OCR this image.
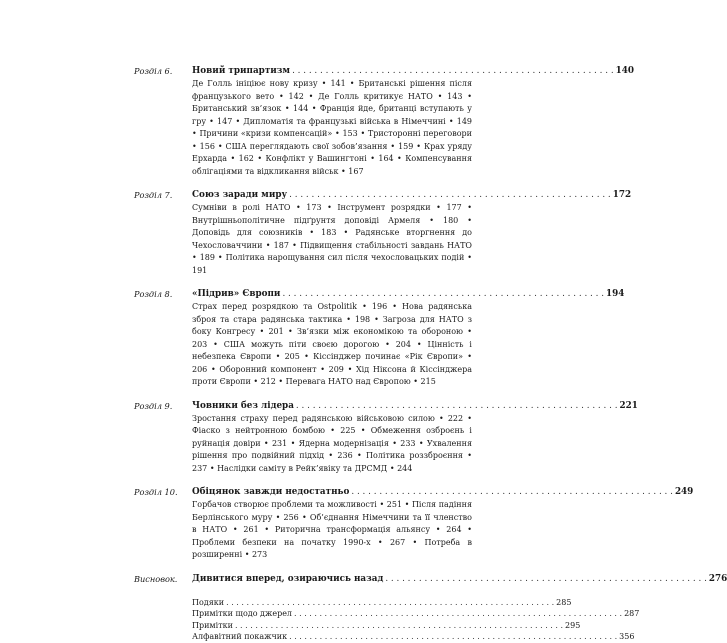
Розділ 6. Новий трипартизм . . . . . . . . . . . . . . . . . . . . . . . . . . . . . . . . . . . . . . . . . . . . . . . . . . . . . . . . . . 140
Де Голль ініціює нову кризу • 141 • Британські рішення після французького вето • 142 • Де Голль критикує НАТО • 143 • Британський зв’язок • 144 • Франція йде, британці вступають у гру • 147 • Дипломатія та французькі війська в Німеччині • 149 • Причини «кризи компенсацій» • 153 • Тристоронні переговори • 156 • США переглядають свої зобов’язання • 159 • Крах уряду Ерхарда • 162 • Конфлікт у Вашингтоні • 164 • Компенсування облігаціями та відкликання військ • 167
Розділ 7. Союз заради миру . . . . . . . . . . . . . . . . . . . . . . . . . . . . . . . . . . . . . . . . . . . . . . . . . . . . . . . . . . 172
Сумніви в ролі НАТО • 173 • Інструмент розрядки • 177 • Внутрішньополітичне підґрунтя доповіді Армеля • 180 • Доповідь для союзників • 183 • Радянське вторгнення до Чехословаччини • 187 • Підвищення стабільності завдань НАТО • 189 • Політика нарощування сил після чехословацьких подій • 191
Розділ 8. «Підрив» Європи . . . . . . . . . . . . . . . . . . . . . . . . . . . . . . . . . . . . . . . . . . . . . . . . . . . . . . . . . . 194
Страх перед розрядкою та Ostpolitik • 196 • Нова радянська зброя та стара радянська тактика • 198 • Загроза для НАТО з боку Конгресу • 201 • Зв’язки між економікою та обороною • 203 • США можуть піти своєю дорогою • 204 • Цінність і небезпека Європи • 205 • Кіссінджер починає «Рік Європи» • 206 • Оборонний компонент • 209 • Хід Ніксона й Кіссінджера проти Європи • 212 • Перевага НАТО над Європою • 215
Розділ 9. Човники без лідера . . . . . . . . . . . . . . . . . . . . . . . . . . . . . . . . . . . . . . . . . . . . . . . . . . . . . . . . . . 221
Зростання страху перед радянською військовою силою • 222 • Фіаско з нейтронною бомбою • 225 • Обмеження озброєнь і руйнація довіри • 231 • Ядерна модернізація • 233 • Ухвалення рішення про подвійний підхід • 236 • Політика роззброєння • 237 • Наслідки саміту в Рейк’явіку та ДРСМД • 244
Розділ 10. Обіцянок завжди недостатньо . . . . . . . . . . . . . . . . . . . . . . . . . . . . . . . . . . . . . . . . . . . . . . . . . . . . . . . . . . 249
Горбачов створює проблеми та можливості • 251 • Після падіння Берлінського муру • 256 • Об’єднання Німеччини та її членство в НАТО • 261 • Риторична трансформація альянсу • 264 • Проблеми безпеки на початку 1990-х • 267 • Потреба в розширенні • 273
Висновок. Дивитися вперед, озираючись назад . . . . . . . . . . . . . . . . . . . . . . . . . . . . . . . . . . . . . . . . . . . . . . . . . . . . . . . . . . 276
Подяки . . . . . . . . . . . . . . . . . . . . . . . . . . . . . . . . . . . . . . . . . . . . . . . . . . . . . . . . . . . . . . . . . 285
Примітки щодо джерел . . . . . . . . . . . . . . . . . . . . . . . . . . . . . . . . . . . . . . . . . . . . . . . . . . . . . . . . . . . . . . . . . 287
Примітки . . . . . . . . . . . . . . . . . . . . . . . . . . . . . . . . . . . . . . . . . . . . . . . . . . . . . . . . . . . . . . . . . 295
Алфавітний покажчик . . . . . . . . . . . . . . . . . . . . . . . . . . . . . . . . . . . . . . . . . . . . . . . . . . . . . . . . . . . . . . . . . 356
